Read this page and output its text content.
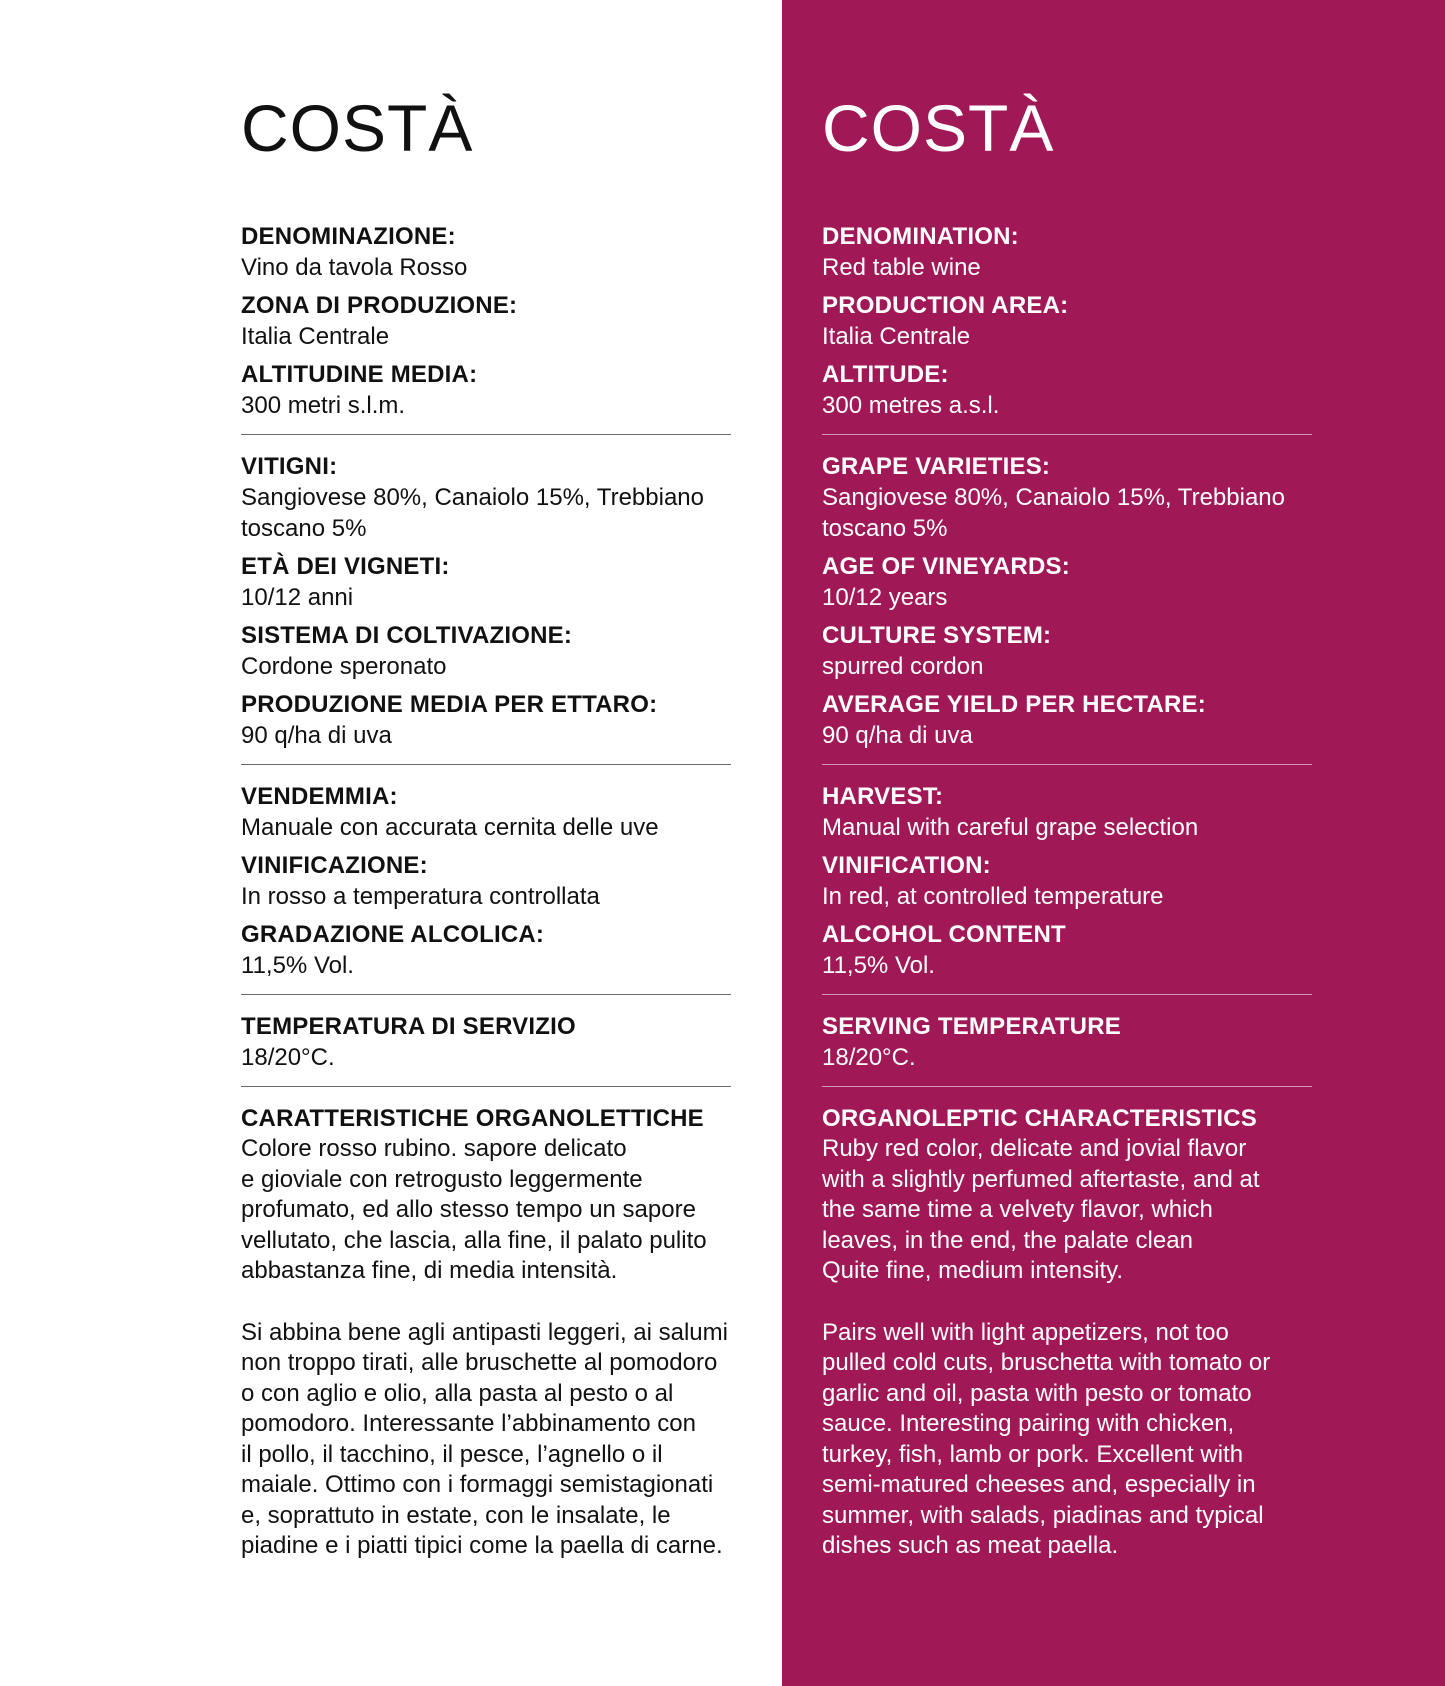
COSTÀ

DENOMINAZIONE:

Vino da tavola Rosso

ZONA DI PRODUZIONE:

Italia Centrale

ALTITUDINE MEDIA:

300 metri s.l.m.

VITIGNI:

Sangiovese 80%, Canaiolo 15%, Trebbiano
toscano 5%

ETÀ DEI VIGNETI:

10/12 anni

SISTEMA DI COLTIVAZIONE:

Cordone speronato

PRODUZIONE MEDIA PER ETTARO:

90 q/ha di uva

VENDEMMIA:

Manuale con accurata cernita delle uve

VINIFICAZIONE:

In rosso a temperatura controllata

GRADAZIONE ALCOLICA:

11,5% Vol.

TEMPERATURA DI SERVIZIO

18/20°C.

CARATTERISTICHE ORGANOLETTICHE

Colore rosso rubino. sapore delicato
e gioviale con retrogusto leggermente
profumato, ed allo stesso tempo un sapore
vellutato, che lascia, alla fine, il palato pulito
abbastanza fine, di media intensità.

Si abbina bene agli antipasti leggeri, ai salumi
non troppo tirati, alle bruschette al pomodoro
o con aglio e olio, alla pasta al pesto o al
pomodoro. Interessante l’abbinamento con
il pollo, il tacchino, il pesce, l’agnello o il
maiale. Ottimo con i formaggi semistagionati
e, soprattuto in estate, con le insalate, le
piadine e i piatti tipici come la paella di carne.

COSTÀ

DENOMINATION:

Red table wine

PRODUCTION AREA:

Italia Centrale

ALTITUDE:

300 metres a.s.l.

GRAPE VARIETIES:

Sangiovese 80%, Canaiolo 15%, Trebbiano
toscano 5%

AGE OF VINEYARDS:

10/12 years

CULTURE SYSTEM:

spurred cordon

AVERAGE YIELD PER HECTARE:

90 q/ha di uva

HARVEST:

Manual with careful grape selection

VINIFICATION:

In red, at controlled temperature

ALCOHOL CONTENT

11,5% Vol.

SERVING TEMPERATURE

18/20°C.

ORGANOLEPTIC CHARACTERISTICS

Ruby red color, delicate and jovial flavor
with a slightly perfumed aftertaste, and at
the same time a velvety flavor, which
leaves, in the end, the palate clean
Quite fine, medium intensity.

Pairs well with light appetizers, not too
pulled cold cuts, bruschetta with tomato or
garlic and oil, pasta with pesto or tomato
sauce. Interesting pairing with chicken,
turkey, fish, lamb or pork. Excellent with
semi-matured cheeses and, especially in
summer, with salads, piadinas and typical
dishes such as meat paella.
